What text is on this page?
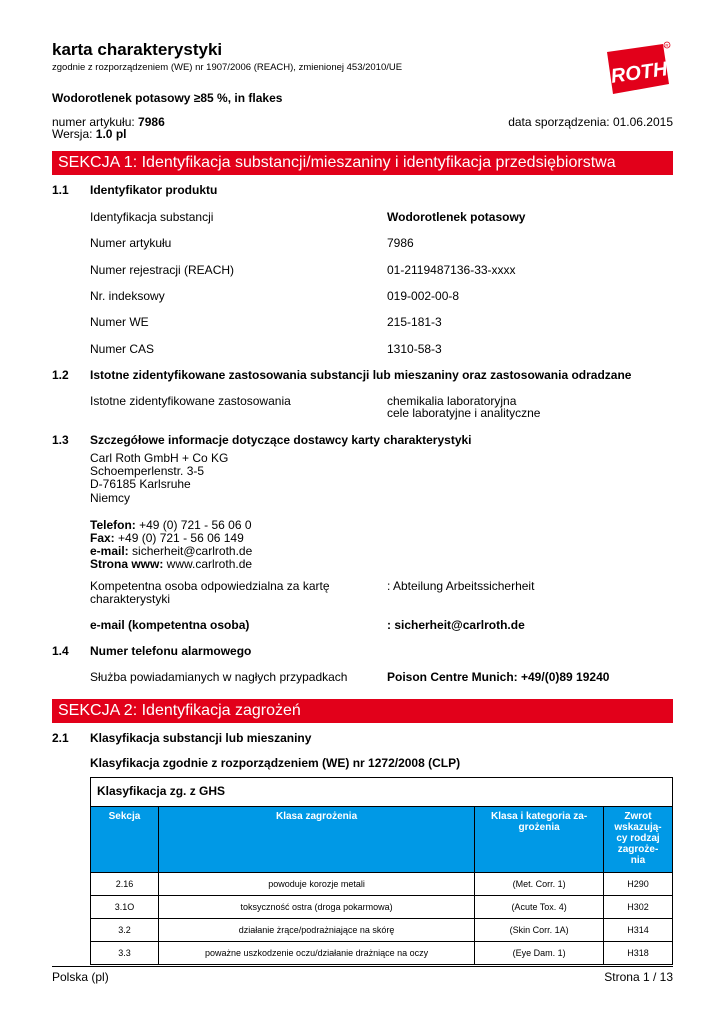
karta charakterystyki
zgodnie z rozporządzeniem (WE) nr 1907/2006 (REACH), zmienionej 453/2010/UE	ROTH
R
Wodorotlenek potasowy ≥85 %, in flakes
numer artykułu: 7986
Wersja: 1.0 pl
data sporządzenia: 01.06.2015
SEKCJA 1: Identyfikacja substancji/mieszaniny i identyfikacja przedsiębiorstwa
1.1 Identyfikator produktu
Identyfikacja substancji	Wodorotlenek potasowy
Numer artykułu	7986
Numer rejestracji (REACH)	01-2119487136-33-xxxx
Nr. indeksowy	019-002-00-8
Numer WE	215-181-3
Numer CAS	1310-58-3
1.2 Istotne zidentyfikowane zastosowania substancji lub mieszaniny oraz zastosowania odradzane
Istotne zidentyfikowane zastosowania	chemikalia laboratoryjna
cele laboratyjne i analityczne
1.3 Szczegółowe informacje dotyczące dostawcy karty charakterystyki
Carl Roth GmbH + Co KG
Schoemperlenstr. 3-5
D-76185 Karlsruhe
Niemcy
Telefon: +49 (0) 721 - 56 06 0
Fax: +49 (0) 721 - 56 06 149
e-mail: sicherheit@carlroth.de
Strona www: www.carlroth.de
Kompetentna osoba odpowiedzialna za kartę
charakterystyki
: Abteilung Arbeitssicherheit
e-mail (kompetentna osoba)	: sicherheit@carlroth.de
1.4 Numer telefonu alarmowego
Służba powiadamianych w nagłych przypadkach	Poison Centre Munich: +49/(0)89 19240
SEKCJA 2: Identyfikacja zagrożeń
2.1 Klasyfikacja substancji lub mieszaniny
Klasyfikacja zgodnie z rozporządzeniem (WE) nr 1272/2008 (CLP)
Klasyfikacja zg. z GHS			
Sekcja	Klasa zagrożenia	Klasa i kategoria za-
grożenia	Zwrot
wskazują-
cy rodzaj
zagroże-
nia
2.16	powoduje korozje metali	(Met. Corr. 1)	H290
3.1O	toksyczność ostra (droga pokarmowa)	(Acute Tox. 4)	H302
3.2	działanie żrące/podrażniające na skórę	(Skin Corr. 1A)	H314
3.3	poważne uszkodzenie oczu/działanie drażniące na oczy	(Eye Dam. 1)	H318
Polska (pl)	Strona 1 / 13
